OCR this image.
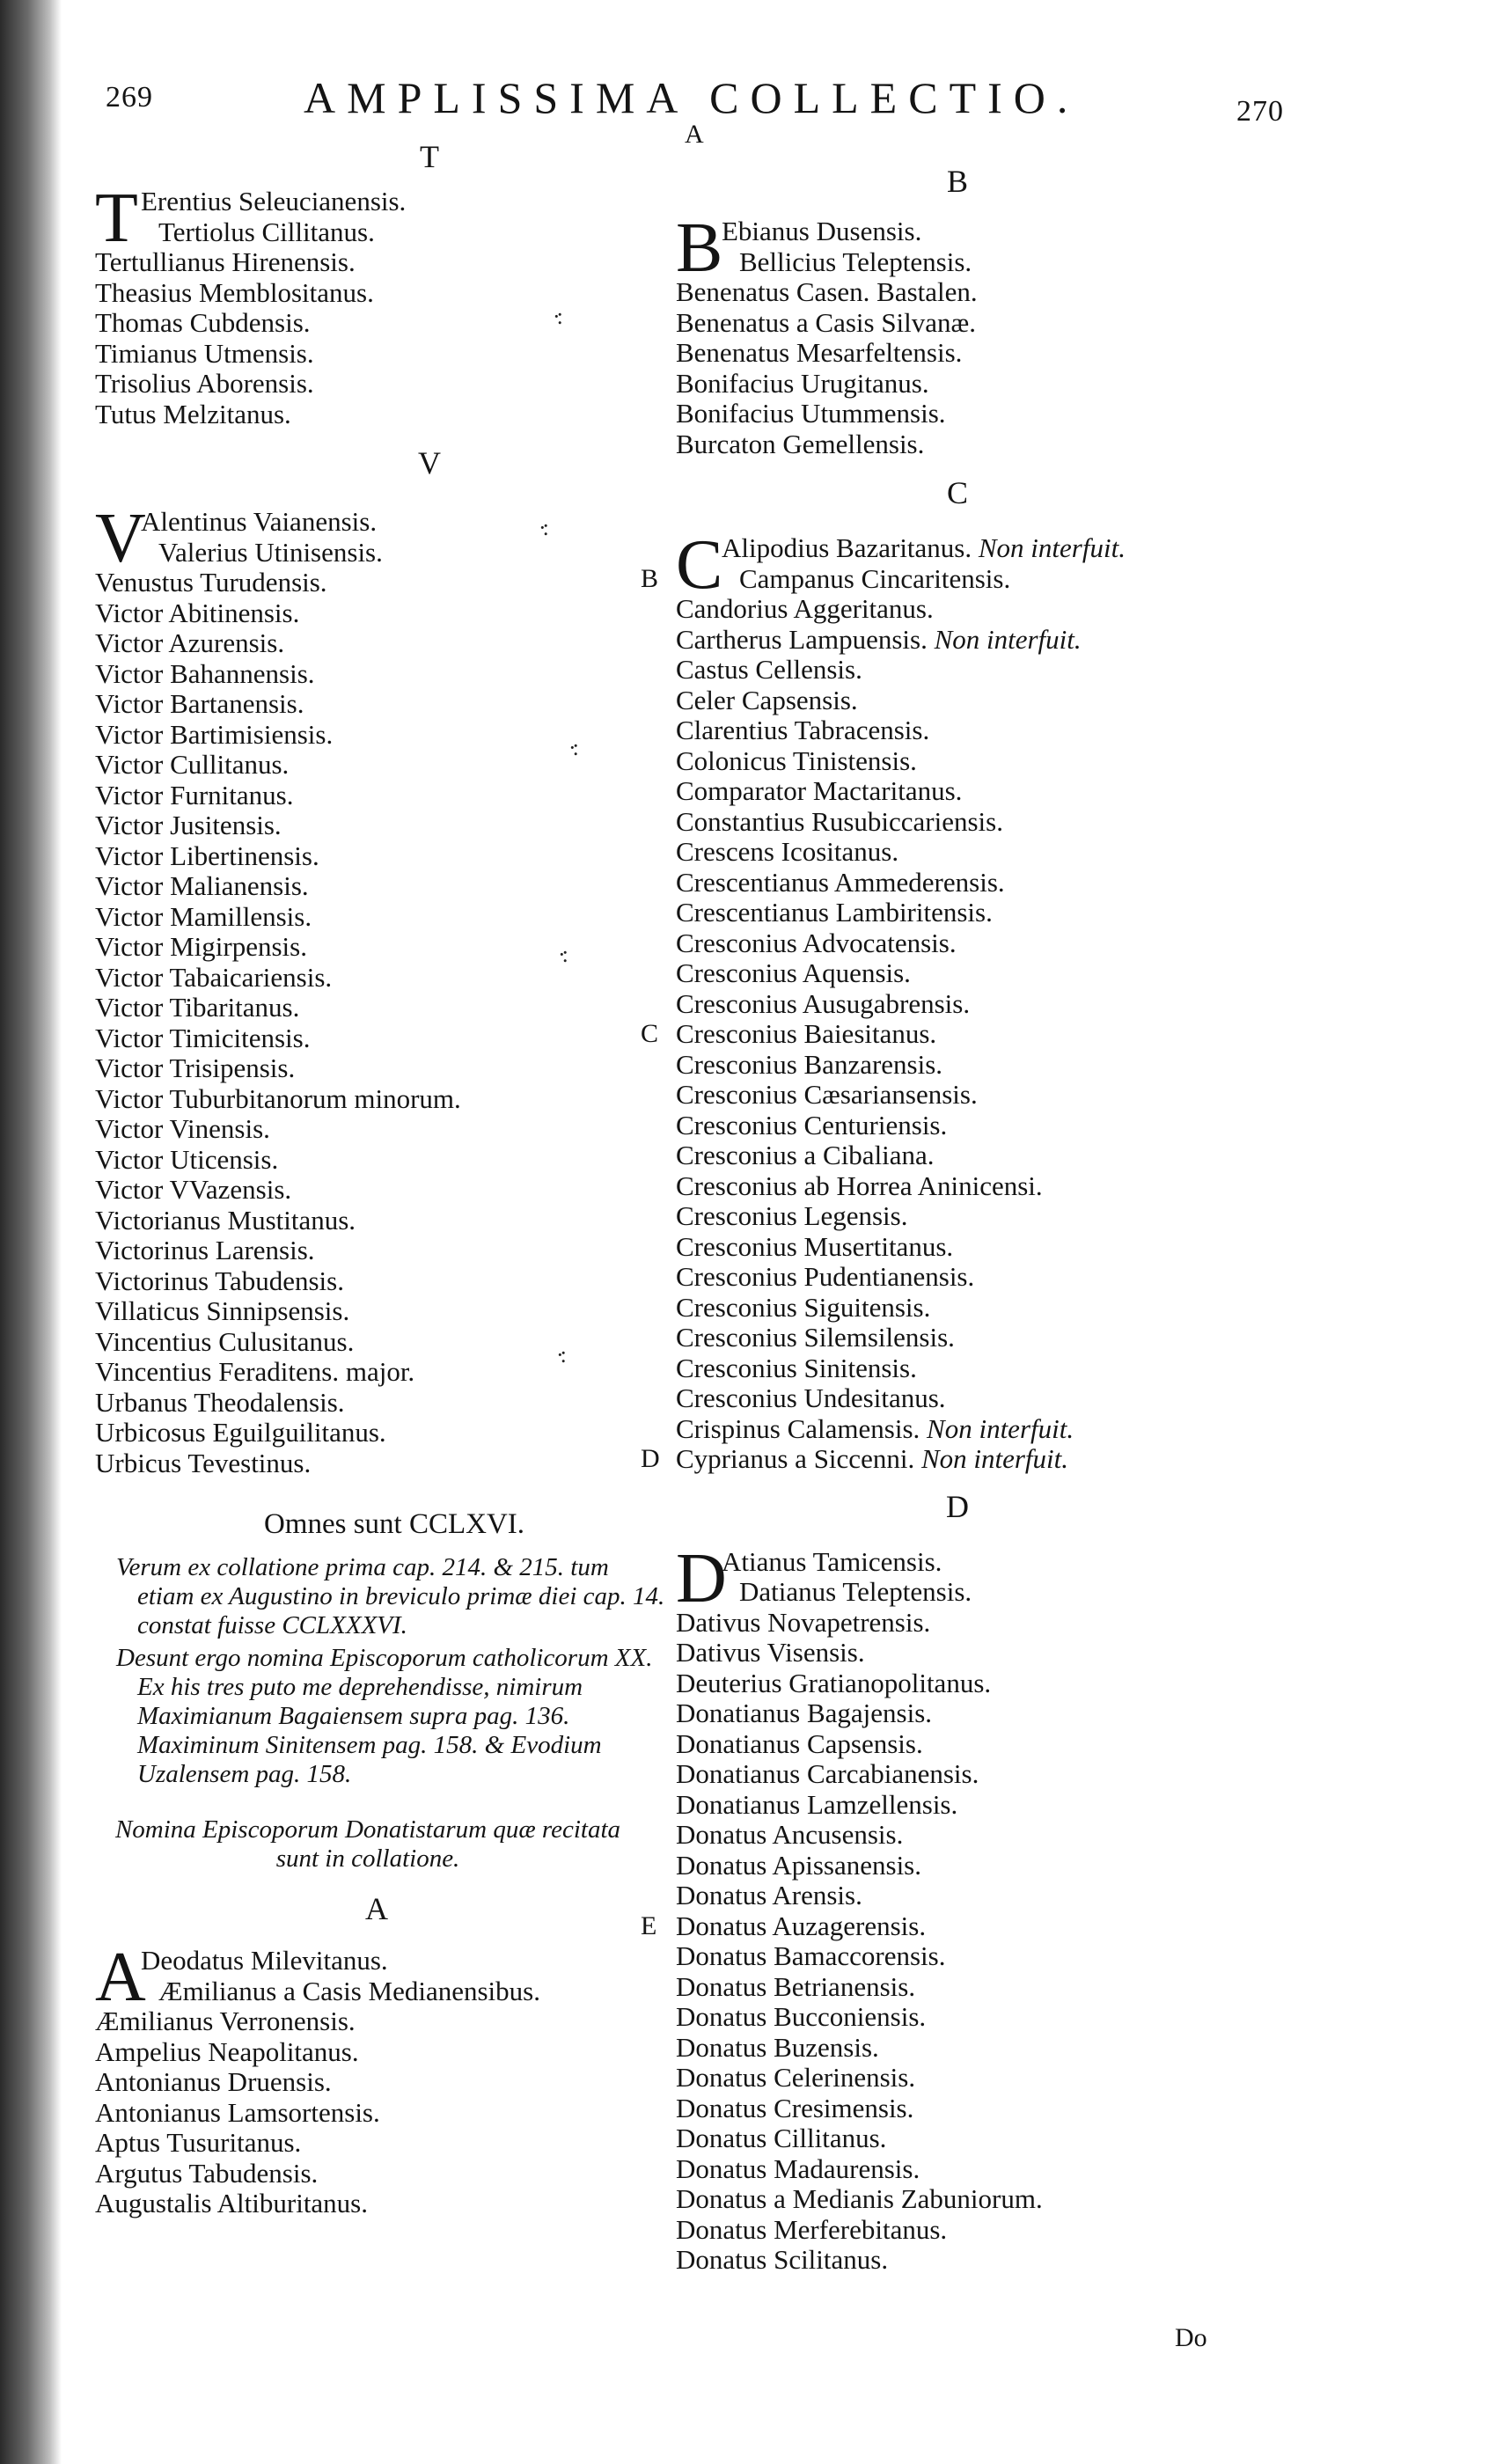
269	AMPLISSIMA COLLECTIO.	270
A
T
T Erentius Seleucianensis.
Tertiolus Cillitanus.
Tertullianus Hirenensis.
Theasius Memblositanus.
Thomas Cubdensis.
Timianus Utmensis.
Trisolius Aborensis.
Tutus Melzitanus.
V
V
Alentinus Vaianensis.
Valerius Utinisensis.
Venustus Turudensis.
Victor Abitinensis.
Victor Azurensis.
Victor Bahannensis.
Victor Bartanensis.
Victor Bartimisiensis.
Victor Cullitanus.
Victor Furnitanus.
Victor Jusitensis.
Victor Libertinensis.
Victor Malianensis.
Victor Mamillensis.
Victor Migirpensis.
Victor Tabaicariensis.
Victor Tibaritanus.
Victor Timicitensis.
Victor Trisipensis.
Victor Tuburbitanorum minorum.
Victor Vinensis.
Victor Uticensis.
Victor VVazensis.
Victorianus Mustitanus.
Victorinus Larensis.
Victorinus Tabudensis.
Villaticus Sinnipsensis.
Vincentius Culusitanus.
Vincentius Feraditens. major.
Urbanus Theodalensis.
Urbicosus Eguilguilitanus.
Urbicus Tevestinus.
Omnes sunt CCLXVI.

Verum ex collatione prima cap. 214. & 215. tum etiam ex Augustino in breviculo primæ diei cap. 14. constat fuisse CCLXXXVI.

Desunt ergo nomina Episcoporum catholicorum XX. Ex his tres puto me deprehendisse, nimirum Maximianum Bagaiensem supra pag. 136. Maximinum Sinitensem pag. 158. & Evodium Uzalensem pag. 158.

Nomina Episcoporum Donatistarum quæ recitata sunt in collatione.
A
A
Deodatus Milevitanus.
Æmilianus a Casis Medianensibus.
Æmilianus Verronensis.
Ampelius Neapolitanus.
Antonianus Druensis.
Antonianus Lamsortensis.
Aptus Tusuritanus.
Argutus Tabudensis.
Augustalis Altiburitanus.
B
B
Ebianus Dusensis.
Bellicius Teleptensis.
Benenatus Casen. Bastalen.
Benenatus a Casis Silvanæ.
Benenatus Mesarfeltensis.
Bonifacius Urugitanus.
Bonifacius Utummensis.
Burcaton Gemellensis.
C
C
Alipodius Bazaritanus. Non interfuit.
Campanus Cincaritensis.
B
Candorius Aggeritanus.
Cartherus Lampuensis. Non interfuit.
Castus Cellensis.
Celer Capsensis.
Clarentius Tabracensis.
Colonicus Tinistensis.
Comparator Mactaritanus.
Constantius Rusubiccariensis.
Crescens Icositanus.
Crescentianus Ammederensis.
Crescentianus Lambiritensis.
Cresconius Advocatensis.
Cresconius Aquensis.
Cresconius Ausugabrensis.
Cresconius Baiesitanus.
C
Cresconius Banzarensis.
Cresconius Cæsariansensis.
Cresconius Centuriensis.
Cresconius a Cibaliana.
Cresconius ab Horrea Aninicensi.
Cresconius Legensis.
Cresconius Musertitanus.
Cresconius Pudentianensis.
Cresconius Siguitensis.
Cresconius Silemsilensis.
Cresconius Sinitensis.
Cresconius Undesitanus.
Crispinus Calamensis. Non interfuit.
Cyprianus a Siccenni. Non interfuit.
D
D
D
Atianus Tamicensis.
Datianus Teleptensis.
Dativus Novapetrensis.
Dativus Visensis.
Deuterius Gratianopolitanus.
Donatianus Bagajensis.
Donatianus Capsensis.
Donatianus Carcabianensis.
Donatianus Lamzellensis.
Donatus Ancusensis.
Donatus Apissanensis.
Donatus Arensis.
Donatus Auzagerensis.
E
Donatus Bamaccorensis.
Donatus Betrianensis.
Donatus Bucconiensis.
Donatus Buzensis.
Donatus Celerinensis.
Donatus Cresimensis.
Donatus Cillitanus.
Donatus Madaurensis.
Donatus a Medianis Zabuniorum.
Donatus Merferebitanus.
Donatus Scilitanus.
Do
·:
·:
·:
·:
·:
